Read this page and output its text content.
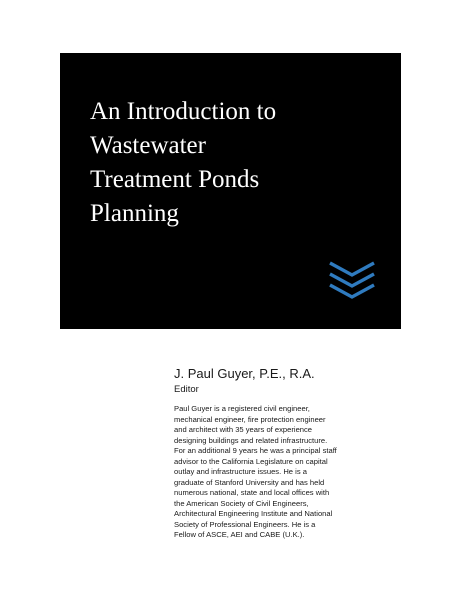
An Introduction to
Wastewater
Treatment Ponds
Planning

J. Paul Guyer, P.E., R.A.

Editor

Paul Guyer is a registered civil engineer,
mechanical engineer, fire protection engineer
and architect with 35 years of experience
designing buildings and related infrastructure.
For an additional 9 years he was a principal staff
advisor to the California Legislature on capital
outlay and infrastructure issues. He is a
graduate of Stanford University and has held
numerous national, state and local offices with
the American Society of Civil Engineers,
Architectural Engineering Institute and National
Society of Professional Engineers. He is a
Fellow of ASCE, AEI and CABE (U.K.).
